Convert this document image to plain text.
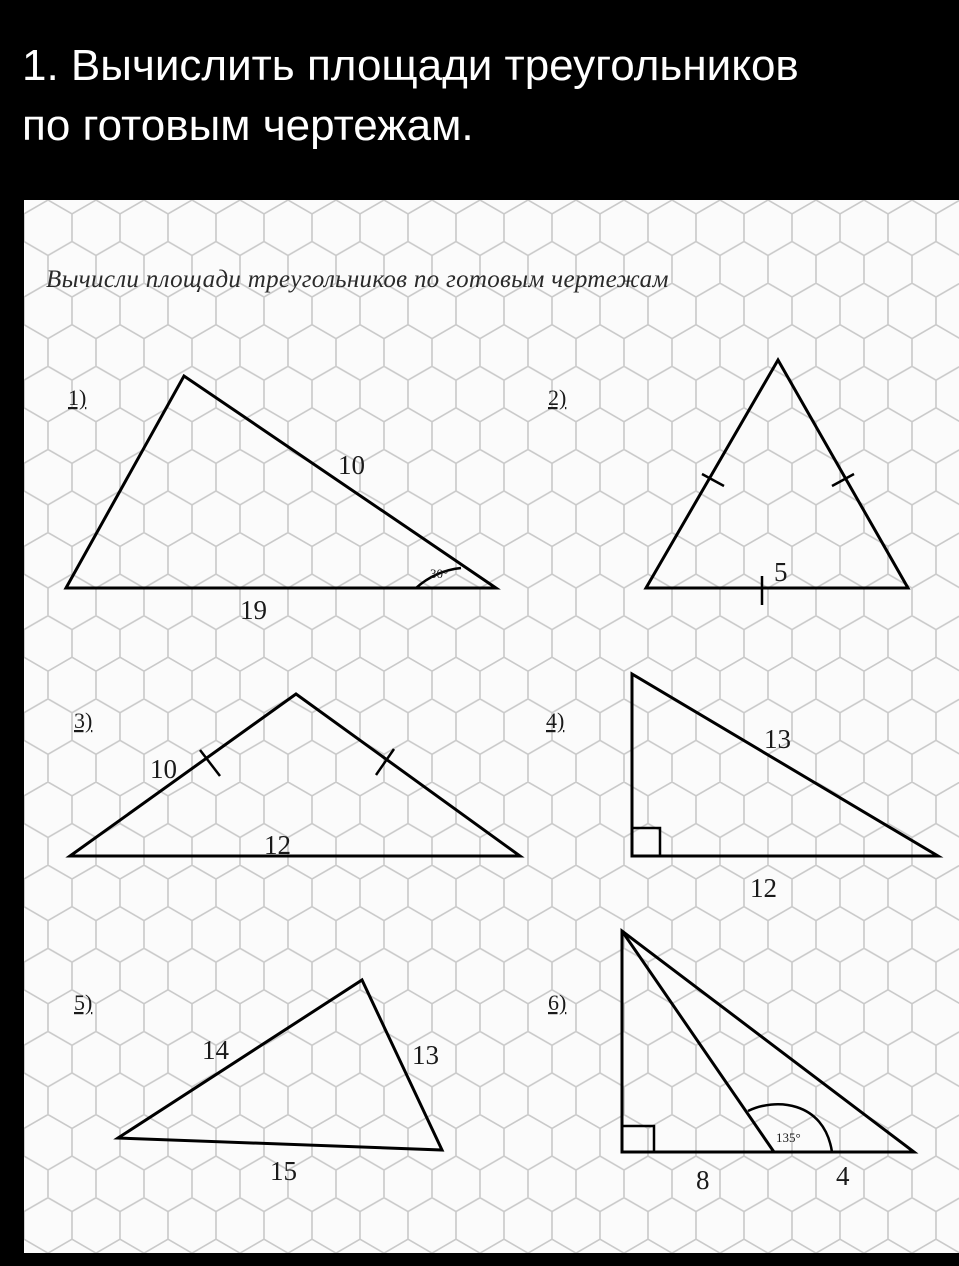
1. Вычислить площади треугольников
по готовым чертежам.
1)
10
19
30°
2)
5
3)
10
12
4)
13
12
5)
14	13
15
6)
8	4
135°
Вычисли площади треугольников по готовым чертежам
